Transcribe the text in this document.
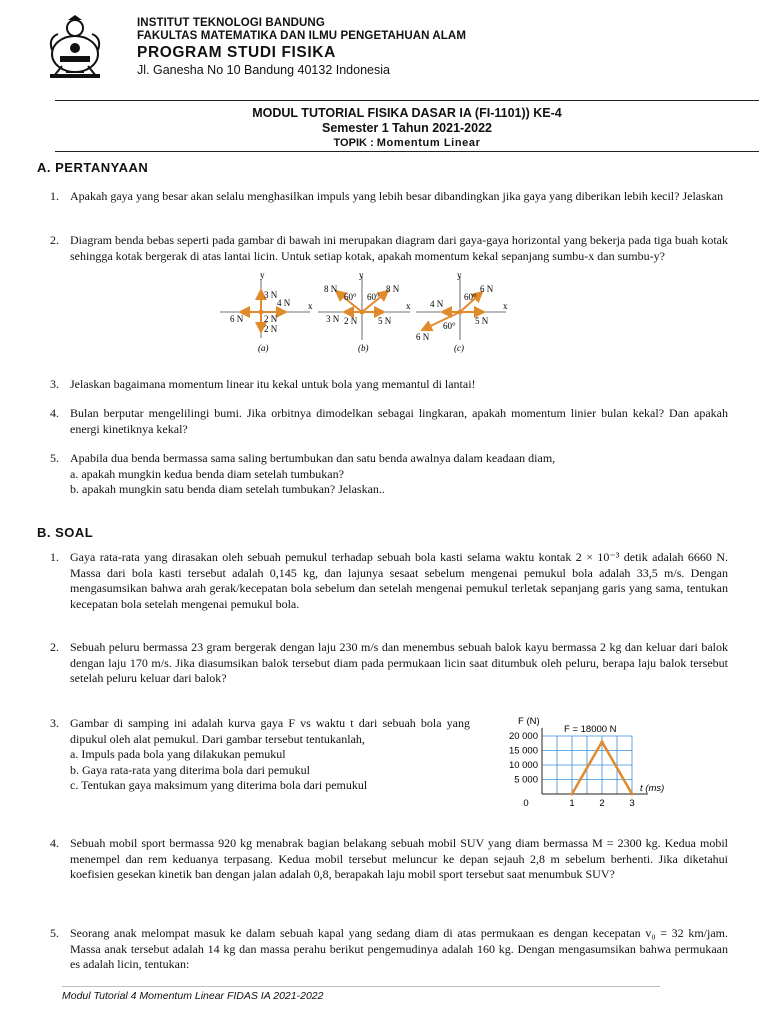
INSTITUT TEKNOLOGI BANDUNG
FAKULTAS MATEMATIKA DAN ILMU PENGETAHUAN ALAM
PROGRAM STUDI FISIKA
Jl. Ganesha No 10 Bandung 40132 Indonesia
MODUL TUTORIAL FISIKA DASAR IA (FI-1101)) KE-4
Semester 1 Tahun 2021-2022
TOPIK : Momentum Linear
A. PERTANYAAN
1. Apakah gaya yang besar akan selalu menghasilkan impuls yang lebih besar dibandingkan jika gaya yang diberikan lebih kecil? Jelaskan
2. Diagram benda bebas seperti pada gambar di bawah ini merupakan diagram dari gaya-gaya horizontal yang bekerja pada tiga buah kotak sehingga kotak bergerak di atas lantai licin. Untuk setiap kotak, apakah momentum kekal sepanjang sumbu-x dan sumbu-y?
y
x
3 N
4 N
6 N 2 N
2 N
(a)
y
x
8 N
60° 60°
8 N
3 N 2 N 5 N
(b)
y
x
6 N
60°
4 N
5 N
60°
6 N
(c)
3. Jelaskan bagaimana momentum linear itu kekal untuk bola yang memantul di lantai!
4. Bulan berputar mengelilingi bumi. Jika orbitnya dimodelkan sebagai lingkaran, apakah momentum linier bulan kekal? Dan apakah energi kinetiknya kekal?
5. Apabila dua benda bermassa sama saling bertumbukan dan satu benda awalnya dalam keadaan diam,
a. apakah mungkin kedua benda diam setelah tumbukan?
b. apakah mungkin satu benda diam setelah tumbukan? Jelaskan..
B. SOAL
1. Gaya rata-rata yang dirasakan oleh sebuah pemukul terhadap sebuah bola kasti selama waktu kontak 2 × 10⁻³ detik adalah 6660 N. Massa dari bola kasti tersebut adalah 0,145 kg, dan lajunya sesaat sebelum mengenai pemukul bola adalah 33,5 m/s. Dengan mengasumsikan bahwa arah gerak/kecepatan bola sebelum dan setelah mengenai pemukul terletak sepanjang garis yang sama, tentukan kecepatan bola setelah mengenai pemukul bola.
2. Sebuah peluru bermassa 23 gram bergerak dengan laju 230 m/s dan menembus sebuah balok kayu bermassa 2 kg dan keluar dari balok dengan laju 170 m/s. Jika diasumsikan balok tersebut diam pada permukaan licin saat ditumbuk oleh peluru, berapa laju balok tersebut setelah peluru keluar dari balok?
3. Gambar di samping ini adalah kurva gaya F vs waktu t dari sebuah bola yang dipukul oleh alat pemukul. Dari gambar tersebut tentukanlah,
a. Impuls pada bola yang dilakukan pemukul
b. Gaya rata-rata yang diterima bola dari pemukul
c. Tentukan gaya maksimum yang diterima bola dari pemukul	5 000
10 000
15 000
20 000
0	1	2	3
F (N)
t (ms)
F = 18000 N
4. Sebuah mobil sport bermassa 920 kg menabrak bagian belakang sebuah mobil SUV yang diam bermassa M = 2300 kg. Kedua mobil menempel dan rem keduanya terpasang. Kedua mobil tersebut meluncur ke depan sejauh 2,8 m sebelum berhenti. Jika diketahui koefisien gesekan kinetik ban dengan jalan adalah 0,8, berapakah laju mobil sport tersebut saat menumbuk SUV?
5. Seorang anak melompat masuk ke dalam sebuah kapal yang sedang diam di atas permukaan es dengan kecepatan v₀ = 32 km/jam. Massa anak tersebut adalah 14 kg dan massa perahu berikut pengemudinya adalah 160 kg. Dengan mengasumsikan bahwa permukaan es adalah licin, tentukan:
Modul Tutorial 4 Momentum Linear FIDAS IA 2021-2022
